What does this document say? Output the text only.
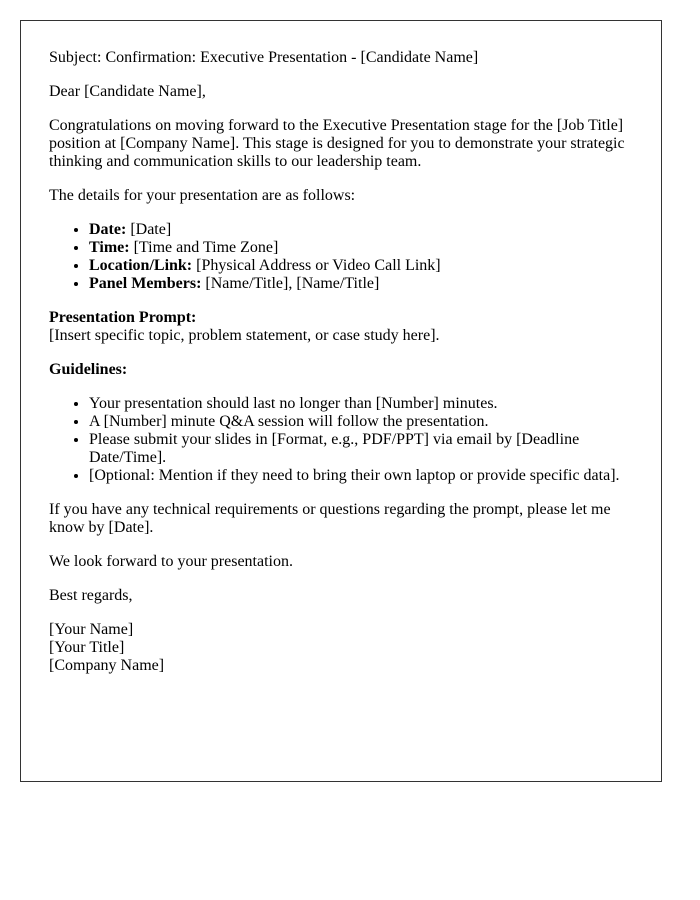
Subject: Confirmation: Executive Presentation - [Candidate Name]

Dear [Candidate Name],

Congratulations on moving forward to the Executive Presentation stage for the [Job Title] position at [Company Name]. This stage is designed for you to demonstrate your strategic thinking and communication skills to our leadership team.

The details for your presentation are as follows:

• Date: [Date]
• Time: [Time and Time Zone]
• Location/Link: [Physical Address or Video Call Link]
• Panel Members: [Name/Title], [Name/Title]

Presentation Prompt:
[Insert specific topic, problem statement, or case study here].

Guidelines:

• Your presentation should last no longer than [Number] minutes.
• A [Number] minute Q&A session will follow the presentation.
• Please submit your slides in [Format, e.g., PDF/PPT] via email by [Deadline Date/Time].
• [Optional: Mention if they need to bring their own laptop or provide specific data].

If you have any technical requirements or questions regarding the prompt, please let me know by [Date].

We look forward to your presentation.

Best regards,

[Your Name]
[Your Title]
[Company Name]
